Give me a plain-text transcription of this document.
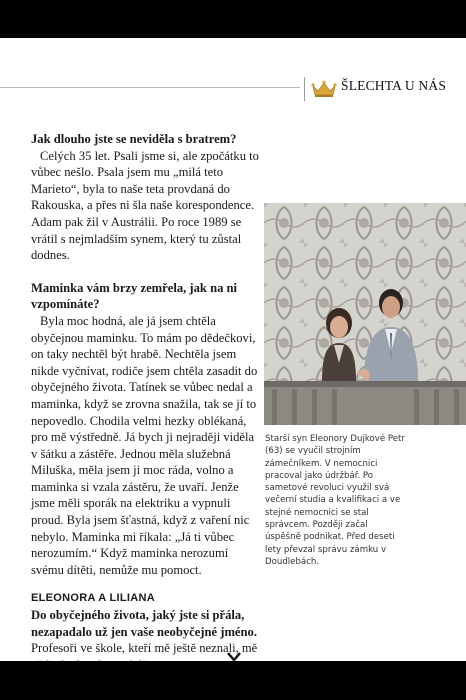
ŠLECHTA U NÁS

Jak dlouho jste se neviděla s bratrem?

Celých 35 let. Psali jsme si, ale zpočátku to vůbec nešlo. Psala jsem mu „milá teto Marieto“, byla to naše teta provdaná do Rakouska, a přes ni šla naše korespondence. Adam pak žil v Austrálii. Po roce 1989 se vrátil s nejmladším synem, který tu zůstal dodnes.

Maminka vám brzy zemřela, jak na ni vzpomínáte?

Byla moc hodná, ale já jsem chtěla obyčejnou maminku. To mám po dědečkovi, on taky nechtěl být hrabě. Nechtěla jsem nikde vyčnívat, rodiče jsem chtěla zasadit do obyčejného života. Tatínek se vůbec nedal a maminka, když se zrovna snažila, tak se jí to nepovedlo. Chodila velmi hezky oblékaná, pro mě výstředně. Já bych ji nejraději viděla v šátku a zástěře. Jednou měla služebná Miluška, měla jsem ji moc ráda, volno a maminka si vzala zástěru, že uvaří. Jenže jsme měli sporák na elektriku a vypnuli proud. Byla jsem šťastná, když z vaření nic nebylo. Maminka mi říkala: „Já ti vůbec nerozumím.“ Když maminka nerozumí svému dítěti, nemůže mu pomoct.

ELEONORA A LILIANA

Do obyčejného života, jaký jste si přála, nezapadalo už jen vaše neobyčejné jméno.

Profesoři ve škole, kteří mě ještě neznali, mě

Starší syn Eleonory Dujkové Petr (63) se vyučil strojním zámečníkem. V nemocnici pracoval jako údržbář. Po sametové revoluci využil svá večerní studia a kvalifikaci a ve stejné nemocnici se stal správcem. Později začal úspěšně podnikat. Před deseti lety převzal správu zámku v Doudlebách.
